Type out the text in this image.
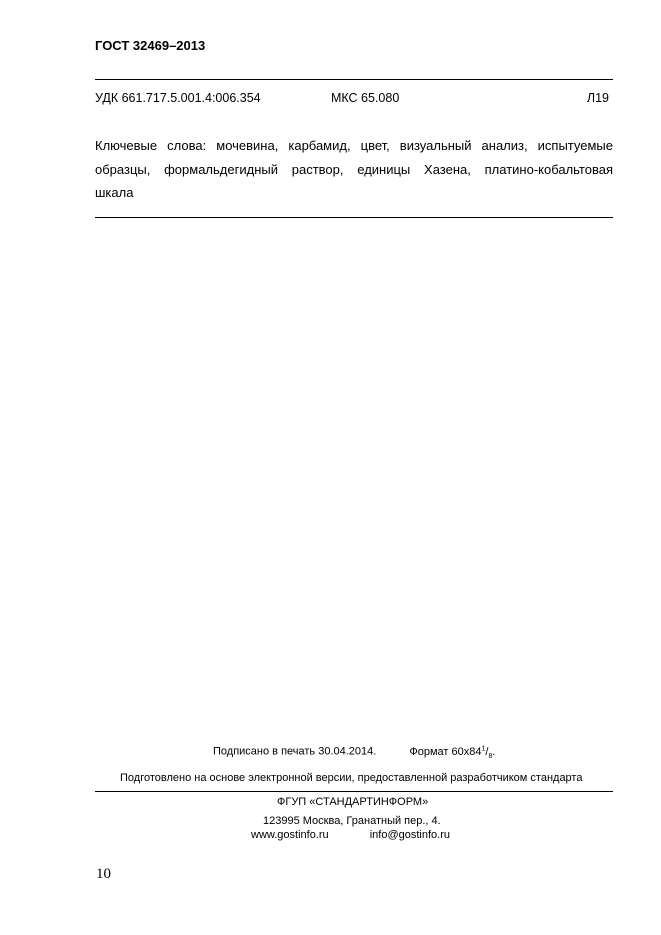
ГОСТ 32469–2013
УДК 661.717.5.001.4:006.354	МКС 65.080	Л19
Ключевые слова: мочевина, карбамид, цвет, визуальный анализ, испытуемые
образцы, формальдегидный раствор, единицы Хазена, платино-кобальтовая
шкала
Подписано в печать 30.04.2014.	Формат $60х84^1/_8$.
Подготовлено на основе электронной версии, предоставленной разработчиком стандарта
ФГУП «СТАНДАРТИНФОРМ»
123995 Москва, Гранатный пер., 4.
www.gostinfo.ru	info@gostinfo.ru
10
